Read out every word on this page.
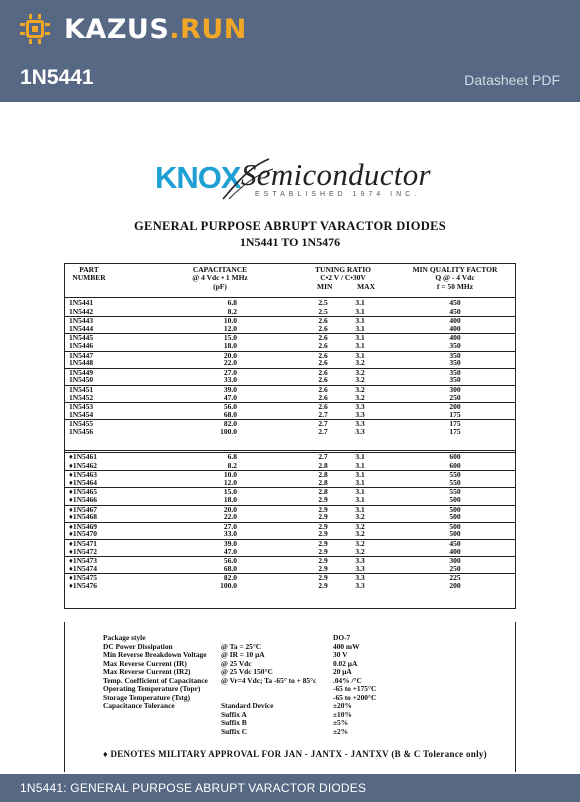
KAZUS.RUN
1N5441	Datasheet PDF
KNOX Semiconductor
ESTABLISHED 1974 INC.
GENERAL PURPOSE ABRUPT VARACTOR DIODES
1N5441 TO 1N5476
PART
NUMBER
CAPACITANCE
@ 4 Vdc • 1 MHz
(pF)
TUNING RATIO
C•2 V / C•30V
MIN	MAX
MIN QUALITY FACTOR
Q @ - 4 Vdc
f = 50 MHz
1N5441	6.8	2.5	3.1	450
1N5442	8.2	2.5	3.1	450
1N5443	10.0	2.6	3.1	400
1N5444	12.0	2.6	3.1	400
1N5445	15.0	2.6	3.1	400
1N5446	18.0	2.6	3.1	350
1N5447	20.0	2.6	3.1	350
1N5448	22.0	2.6	3.2	350
1N5449	27.0	2.6	3.2	350
1N5450	33.0	2.6	3.2	350
1N5451	39.0	2.6	3.2	300
1N5452	47.0	2.6	3.2	250
1N5453	56.0	2.6	3.3	200
1N5454	68.0	2.7	3.3	175
1N5455	82.0	2.7	3.3	175
1N5456	100.0	2.7	3.3	175
♦1N5461	6.8	2.7	3.1	600
♦1N5462	8.2	2.8	3.1	600
♦1N5463	10.0	2.8	3.1	550
♦1N5464	12.0	2.8	3.1	550
♦1N5465	15.0	2.8	3.1	550
♦1N5466	18.0	2.9	3.1	500
♦1N5467	20.0	2.9	3.1	500
♦1N5468	22.0	2.9	3.2	500
♦1N5469	27.0	2.9	3.2	500
♦1N5470	33.0	2.9	3.2	500
♦1N5471	39.0	2.9	3.2	450
♦1N5472	47.0	2.9	3.2	400
♦1N5473	56.0	2.9	3.3	300
♦1N5474	68.0	2.9	3.3	250
♦1N5475	82.0	2.9	3.3	225
♦1N5476	100.0	2.9	3.3	200
Package style	DO-7
DC Power Dissipation	@ Ta = 25°C	400 mW
Min Reverse Breakdown Voltage @ IR = 10 μA	30 V
Max Reverse Current (IR)	@ 25 Vdc	0.02 μA
Max Reverse Current (IR2)	@ 25 Vdc 150°C	20 μA
Temp. Coefficient of Capacitance @ Vr=4 Vdc; Ta -65° to + 85°c .04% /°C
Operating Temperature (Topr)	-65 to +175°C
Storage Temperature (Tstg)	-65 to +200°C
Capacitance Tolerance	Standard Device	±20%
Suffix A	±10%
Suffix B	±5%
Suffix C	±2%
♦ DENOTES MILITARY APPROVAL FOR JAN - JANTX - JANTXV (B & C Tolerance only)
1N5441: GENERAL PURPOSE ABRUPT VARACTOR DIODES
